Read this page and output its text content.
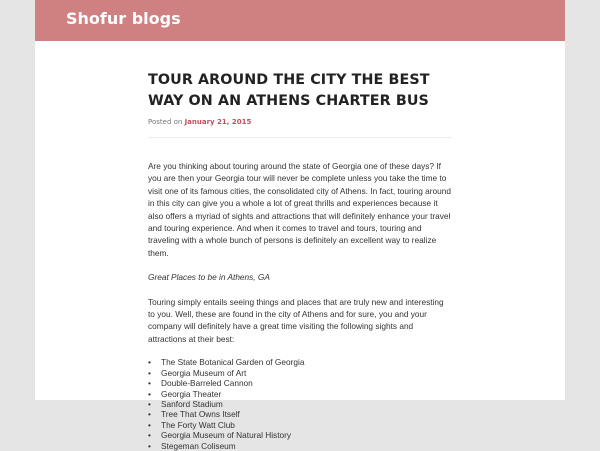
Shofur blogs
TOUR AROUND THE CITY THE BEST WAY ON AN ATHENS CHARTER BUS
Posted on January 21, 2015

Are you thinking about touring around the state of Georgia one of these days? If you are then your Georgia tour will never be complete unless you take the time to visit one of its famous cities, the consolidated city of Athens. In fact, touring around in this city can give you a whole a lot of great thrills and experiences because it also offers a myriad of sights and attractions that will definitely enhance your travel and touring experience. And when it comes to travel and tours, touring and traveling with a whole bunch of persons is definitely an excellent way to realize them.

Great Places to be in Athens, GA

Touring simply entails seeing things and places that are truly new and interesting to you. Well, these are found in the city of Athens and for sure, you and your company will definitely have a great time visiting the following sights and attractions at their best:

• The State Botanical Garden of Georgia
• Georgia Museum of Art
• Double-Barreled Cannon
• Georgia Theater
• Sanford Stadium
• Tree That Owns Itself
• The Forty Watt Club
• Georgia Museum of Natural History
• Stegeman Coliseum
